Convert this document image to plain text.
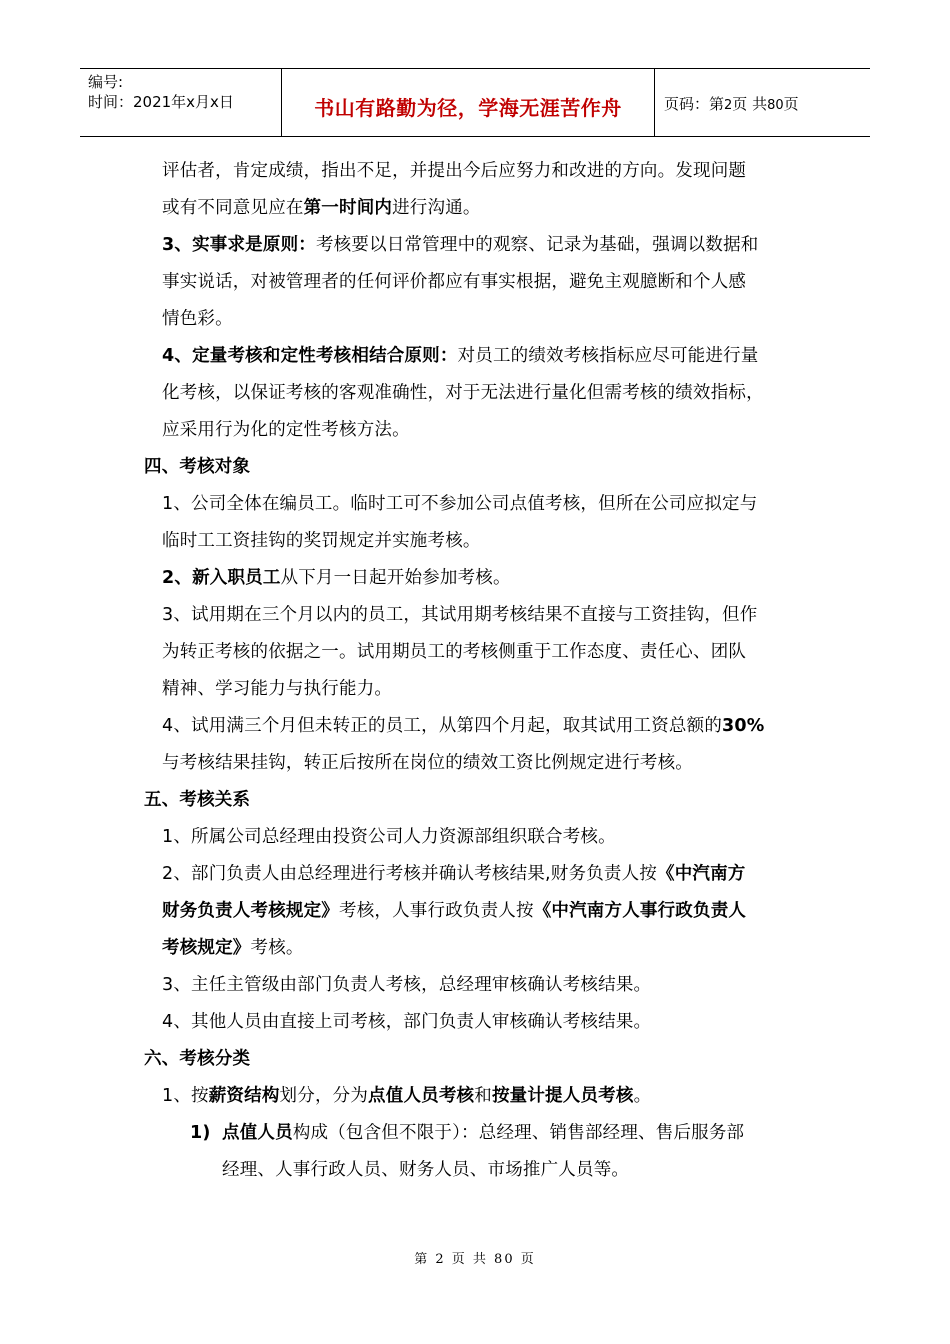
编号:
时间：2021年x月x日	书山有路勤为径，学海无涯苦作舟	页码：第2页 共80页
评估者，肯定成绩，指出不足，并提出今后应努力和改进的方向。发现问题
或有不同意见应在第一时间内进行沟通。
3、实事求是原则：考核要以日常管理中的观察、记录为基础，强调以数据和
事实说话，对被管理者的任何评价都应有事实根据，避免主观臆断和个人感
情色彩。
4、定量考核和定性考核相结合原则：对员工的绩效考核指标应尽可能进行量
化考核，以保证考核的客观准确性，对于无法进行量化但需考核的绩效指标，
应采用行为化的定性考核方法。
四、考核对象
1、公司全体在编员工。临时工可不参加公司点值考核，但所在公司应拟定与
临时工工资挂钩的奖罚规定并实施考核。
2、新入职员工从下月一日起开始参加考核。
3、试用期在三个月以内的员工，其试用期考核结果不直接与工资挂钩，但作
为转正考核的依据之一。试用期员工的考核侧重于工作态度、责任心、团队
精神、学习能力与执行能力。
4、试用满三个月但未转正的员工，从第四个月起，取其试用工资总额的30%
与考核结果挂钩，转正后按所在岗位的绩效工资比例规定进行考核。
五、考核关系
1、所属公司总经理由投资公司人力资源部组织联合考核。
2、部门负责人由总经理进行考核并确认考核结果,财务负责人按《中汽南方
财务负责人考核规定》考核，人事行政负责人按《中汽南方人事行政负责人
考核规定》考核。
3、主任主管级由部门负责人考核，总经理审核确认考核结果。
4、其他人员由直接上司考核，部门负责人审核确认考核结果。
六、考核分类
1、按薪资结构划分，分为点值人员考核和按量计提人员考核。
1) 点值人员构成（包含但不限于）：总经理、销售部经理、售后服务部
经理、人事行政人员、财务人员、市场推广人员等。
第 2 页 共 80 页
